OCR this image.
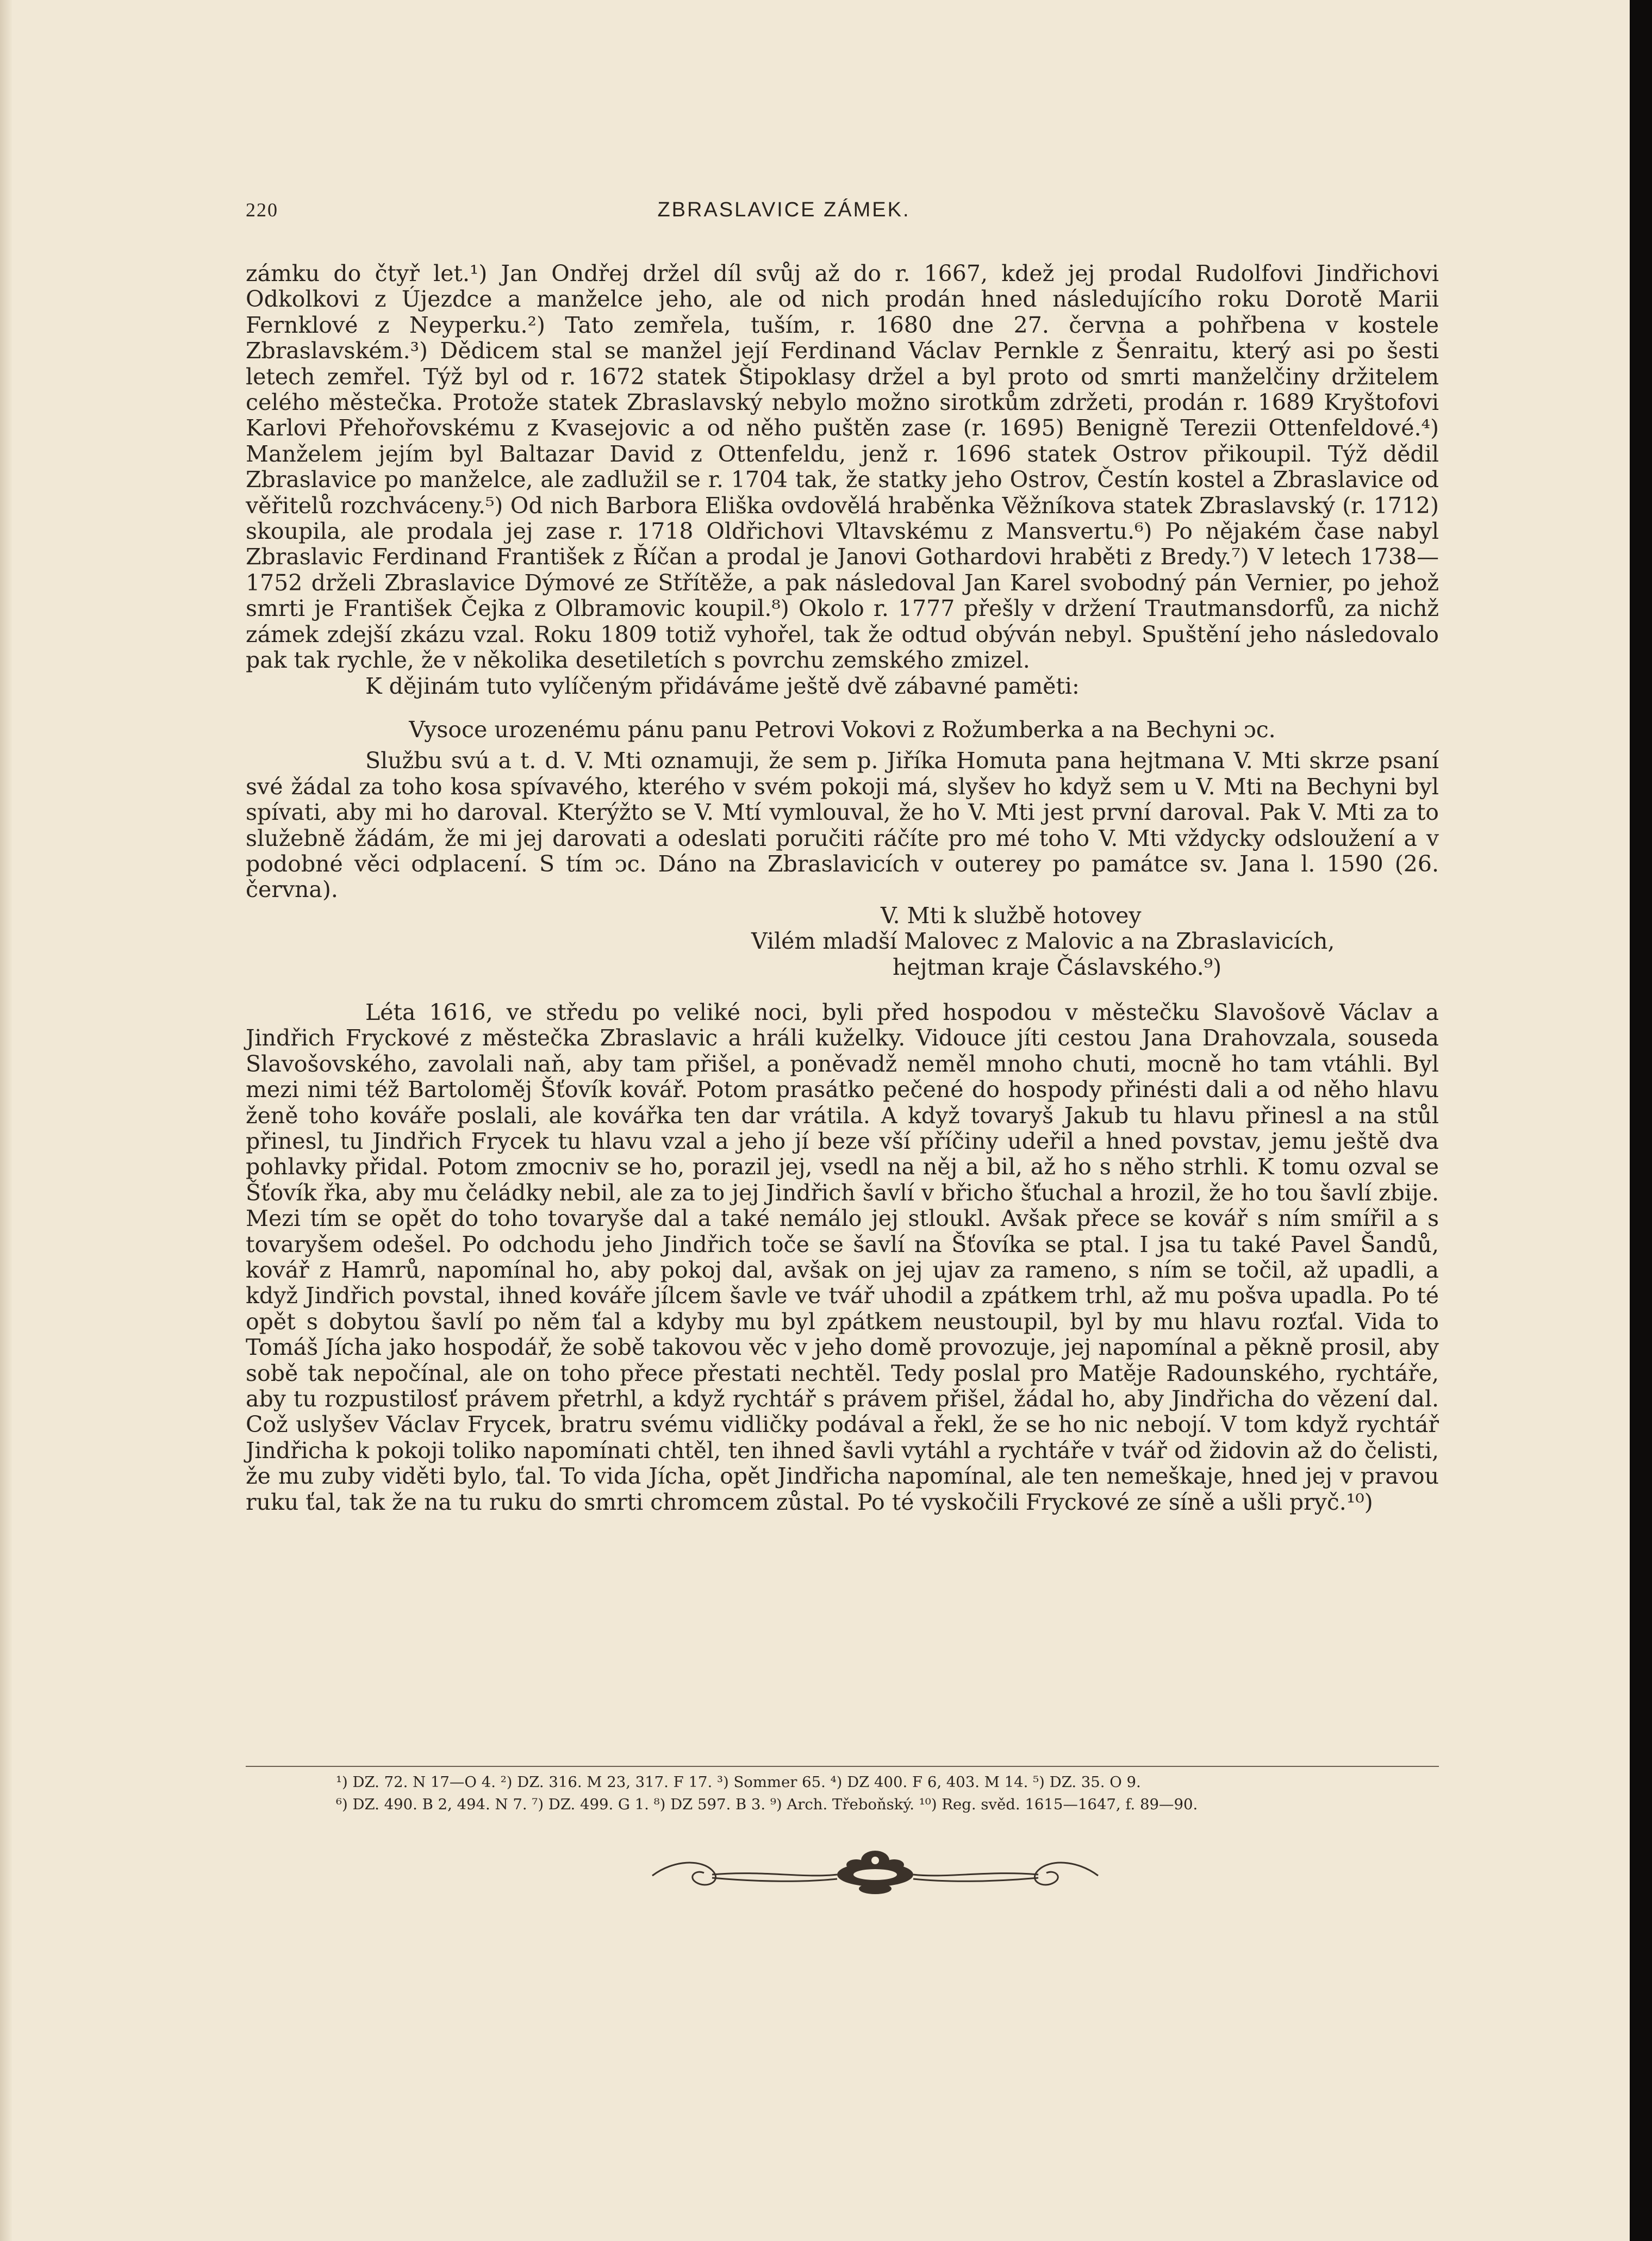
220	ZBRASLAVICE ZÁMEK.

zámku do čtyř let.¹) Jan Ondřej držel díl svůj až do r. 1667, kdež jej prodal Rudolfovi Jindřichovi Odkolkovi z Újezdce a manželce jeho, ale od nich prodán hned následujícího roku Dorotě Marii Fernklové z Neyperku.²) Tato zemřela, tuším, r. 1680 dne 27. června a pohřbena v kostele Zbraslavském.³) Dědicem stal se manžel její Ferdinand Václav Pernkle z Šenraitu, který asi po šesti letech zemřel. Týž byl od r. 1672 statek Štipoklasy držel a byl proto od smrti manželčiny držitelem celého městečka. Protože statek Zbraslavský nebylo možno sirotkům zdržeti, prodán r. 1689 Kryštofovi Karlovi Přehořovskému z Kvasejovic a od něho puštěn zase (r. 1695) Benigně Terezii Ottenfeldové.⁴) Manželem jejím byl Baltazar David z Ottenfeldu, jenž r. 1696 statek Ostrov přikoupil. Týž dědil Zbraslavice po manželce, ale zadlužil se r. 1704 tak, že statky jeho Ostrov, Čestín kostel a Zbraslavice od věřitelů rozchváceny.⁵) Od nich Barbora Eliška ovdovělá hraběnka Věžníkova statek Zbraslavský (r. 1712) skoupila, ale prodala jej zase r. 1718 Oldřichovi Vltavskému z Mansvertu.⁶) Po nějakém čase nabyl Zbraslavic Ferdinand František z Říčan a prodal je Janovi Gothardovi hraběti z Bredy.⁷) V letech 1738—1752 drželi Zbraslavice Dýmové ze Střítěže, a pak následoval Jan Karel svobodný pán Vernier, po jehož smrti je František Čejka z Olbramovic koupil.⁸) Okolo r. 1777 přešly v držení Trautmansdorfů, za nichž zámek zdejší zkázu vzal. Roku 1809 totiž vyhořel, tak že odtud obýván nebyl. Spuštění jeho následovalo pak tak rychle, že v několika desetiletích s povrchu zemského zmizel.

K dějinám tuto vylíčeným přidáváme ještě dvě zábavné paměti:

Vysoce urozenému pánu panu Petrovi Vokovi z Rožumberka a na Bechyni ͻc.

Službu svú a t. d. V. Mti oznamuji, že sem p. Jiříka Homuta pana hejtmana V. Mti skrze psaní své žádal za toho kosa spívavého, kterého v svém pokoji má, slyšev ho když sem u V. Mti na Bechyni byl spívati, aby mi ho daroval. Kterýžto se V. Mtí vymlouval, že ho V. Mti jest první daroval. Pak V. Mti za to služebně žádám, že mi jej darovati a odeslati poručiti ráčíte pro mé toho V. Mti vždycky odsloužení a v podobné věci odplacení. S tím ͻc. Dáno na Zbraslavicích v outerey po památce sv. Jana l. 1590 (26. června).

V. Mti k službě hotovey

Vilém mladší Malovec z Malovic a na Zbraslavicích,

hejtman kraje Čáslavského.⁹)

Léta 1616, ve středu po veliké noci, byli před hospodou v městečku Slavošově Václav a Jindřich Fryckové z městečka Zbraslavic a hráli kuželky. Vidouce jíti cestou Jana Drahovzala, souseda Slavošovského, zavolali naň, aby tam přišel, a poněvadž neměl mnoho chuti, mocně ho tam vtáhli. Byl mezi nimi též Bartoloměj Šťovík kovář. Potom prasátko pečené do hospody přinésti dali a od něho hlavu ženě toho kováře poslali, ale kovářka ten dar vrátila. A když tovaryš Jakub tu hlavu přinesl a na stůl přinesl, tu Jindřich Frycek tu hlavu vzal a jeho jí beze vší příčiny udeřil a hned povstav, jemu ještě dva pohlavky přidal. Potom zmocniv se ho, porazil jej, vsedl na něj a bil, až ho s něho strhli. K tomu ozval se Šťovík řka, aby mu čeládky nebil, ale za to jej Jindřich šavlí v břicho šťuchal a hrozil, že ho tou šavlí zbije. Mezi tím se opět do toho tovaryše dal a také nemálo jej stloukl. Avšak přece se kovář s ním smířil a s tovaryšem odešel. Po odchodu jeho Jindřich toče se šavlí na Šťovíka se ptal. I jsa tu také Pavel Šandů, kovář z Hamrů, napomínal ho, aby pokoj dal, avšak on jej ujav za rameno, s ním se točil, až upadli, a když Jindřich povstal, ihned kováře jílcem šavle ve tvář uhodil a zpátkem trhl, až mu pošva upadla. Po té opět s dobytou šavlí po něm ťal a kdyby mu byl zpátkem neustoupil, byl by mu hlavu rozťal. Vida to Tomáš Jícha jako hospodář, že sobě takovou věc v jeho domě provozuje, jej napomínal a pěkně prosil, aby sobě tak nepočínal, ale on toho přece přestati nechtěl. Tedy poslal pro Matěje Radounského, rychtáře, aby tu rozpustilosť právem přetrhl, a když rychtář s právem přišel, žádal ho, aby Jindřicha do vězení dal. Což uslyšev Václav Frycek, bratru svému vidličky podával a řekl, že se ho nic nebojí. V tom když rychtář Jindřicha k pokoji toliko napomínati chtěl, ten ihned šavli vytáhl a rychtáře v tvář od židovin až do čelisti, že mu zuby viděti bylo, ťal. To vida Jícha, opět Jindřicha napomínal, ale ten nemeškaje, hned jej v pravou ruku ťal, tak že na tu ruku do smrti chromcem zůstal. Po té vyskočili Fryckové ze síně a ušli pryč.¹⁰)

¹) DZ. 72. N 17—O 4. ²) DZ. 316. M 23, 317. F 17. ³) Sommer 65. ⁴) DZ 400. F 6, 403. M 14. ⁵) DZ. 35. O 9.

⁶) DZ. 490. B 2, 494. N 7. ⁷) DZ. 499. G 1. ⁸) DZ 597. B 3. ⁹) Arch. Třeboňský. ¹⁰) Reg. svěd. 1615—1647, f. 89—90.
